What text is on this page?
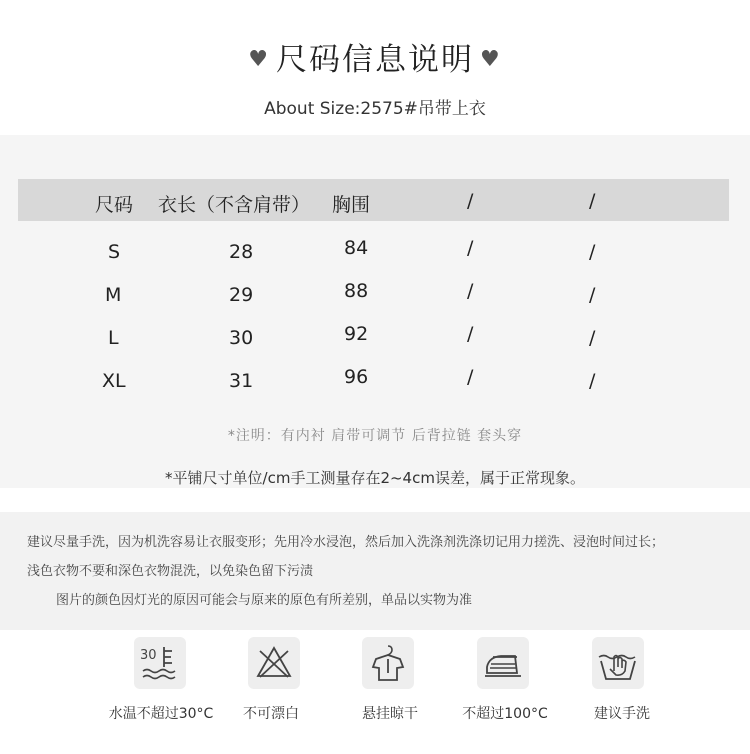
♥ 尺码信息说明 ♥
About Size:2575#吊带上衣
尺码 衣长（不含肩带） 胸围	/	/
S	28	84	/	/
M	29	88	/	/
L	30	92	/	/
XL	31	96	/	/
*注明：有内衬 肩带可调节 后背拉链 套头穿
*平铺尺寸单位/cm手工测量存在2~4cm误差，属于正常现象。
建议尽量手洗，因为机洗容易让衣服变形；先用冷水浸泡，然后加入洗涤剂洗涤切记用力搓洗、浸泡时间过长；
浅色衣物不要和深色衣物混洗，以免染色留下污渍
图片的颜色因灯光的原因可能会与原来的原色有所差别，单品以实物为准
30
水温不超过30°C	不可漂白	悬挂晾干	不超过100°C	建议手洗
